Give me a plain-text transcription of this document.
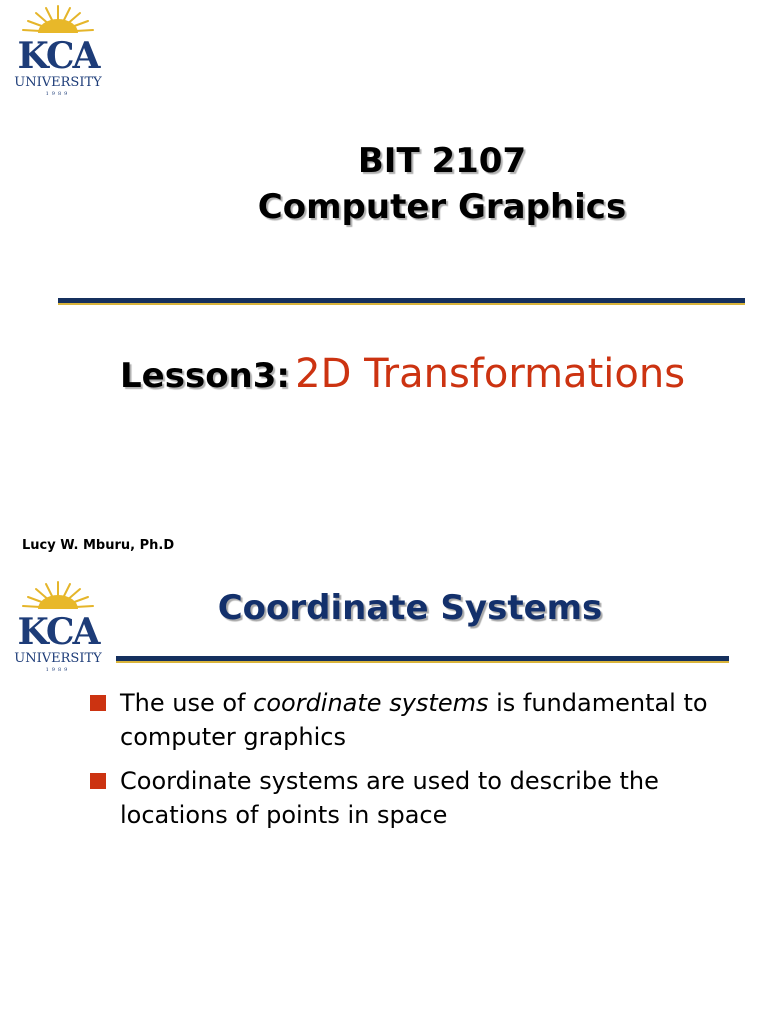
KCA
UNIVERSITY
1989
BIT 2107
Computer Graphics
Lesson3: 2D Transformations
Lucy W. Mburu, Ph.D
KCA
UNIVERSITY
1989
Coordinate Systems
The use of coordinate systems is fundamental to computer graphics
Coordinate systems are used to describe the locations of points in space
